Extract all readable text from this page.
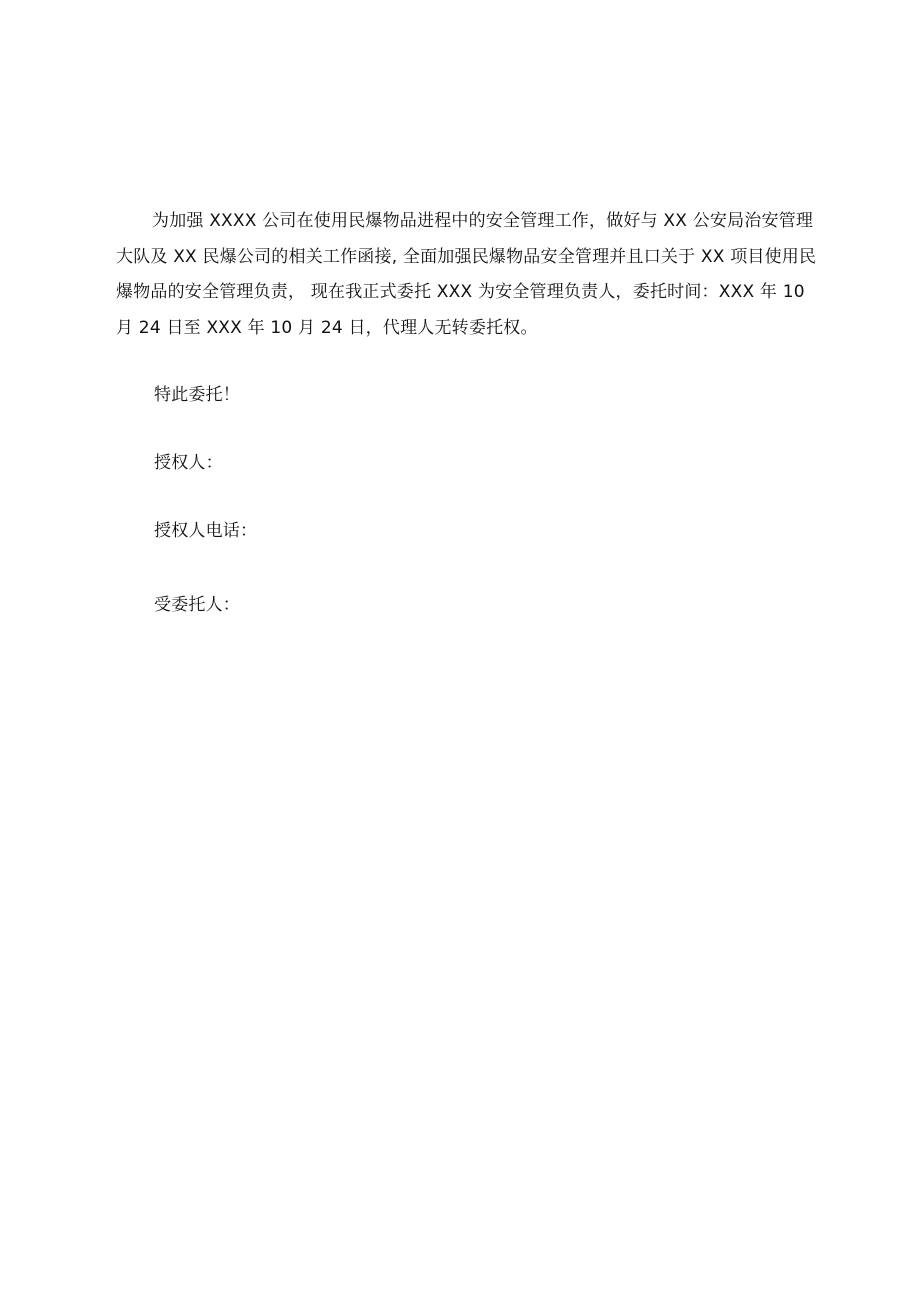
为加强 XXXX 公司在使用民爆物品进程中的安全管理工作，做好与 XX 公安局治安管理
大队及 XX 民爆公司的相关工作函接, 全面加强民爆物品安全管理并且口关于 XX 项目使用民
爆物品的安全管理负责， 现在我正式委托 XXX 为安全管理负责人，委托时间：XXX 年 10
月 24 日至 XXX 年 10 月 24 日，代理人无转委托权。

特此委托！

授权人：

授权人电话：

受委托人：
